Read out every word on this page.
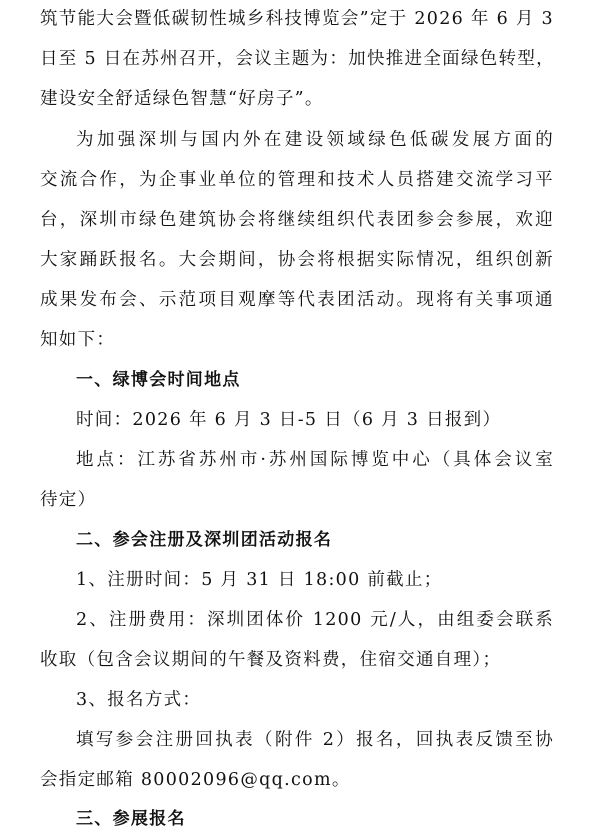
筑节能大会暨低碳韧性城乡科技博览会”定于 2026 年 6 月 3
日至 5 日在苏州召开，会议主题为：加快推进全面绿色转型，
建设安全舒适绿色智慧“好房子”。
为加强深圳与国内外在建设领域绿色低碳发展方面的
交流合作，为企事业单位的管理和技术人员搭建交流学习平
台，深圳市绿色建筑协会将继续组织代表团参会参展，欢迎
大家踊跃报名。大会期间，协会将根据实际情况，组织创新
成果发布会、示范项目观摩等代表团活动。现将有关事项通
知如下：
一、绿博会时间地点
时间：2026 年 6 月 3 日-5 日（6 月 3 日报到）
地点：江苏省苏州市·苏州国际博览中心（具体会议室
待定）
二、参会注册及深圳团活动报名
1、注册时间：5 月 31 日 18:00 前截止；
2、注册费用：深圳团体价 1200 元/人，由组委会联系
收取（包含会议期间的午餐及资料费，住宿交通自理）；
3、报名方式：
填写参会注册回执表（附件 2）报名，回执表反馈至协
会指定邮箱 80002096@qq.com。
三、参展报名
